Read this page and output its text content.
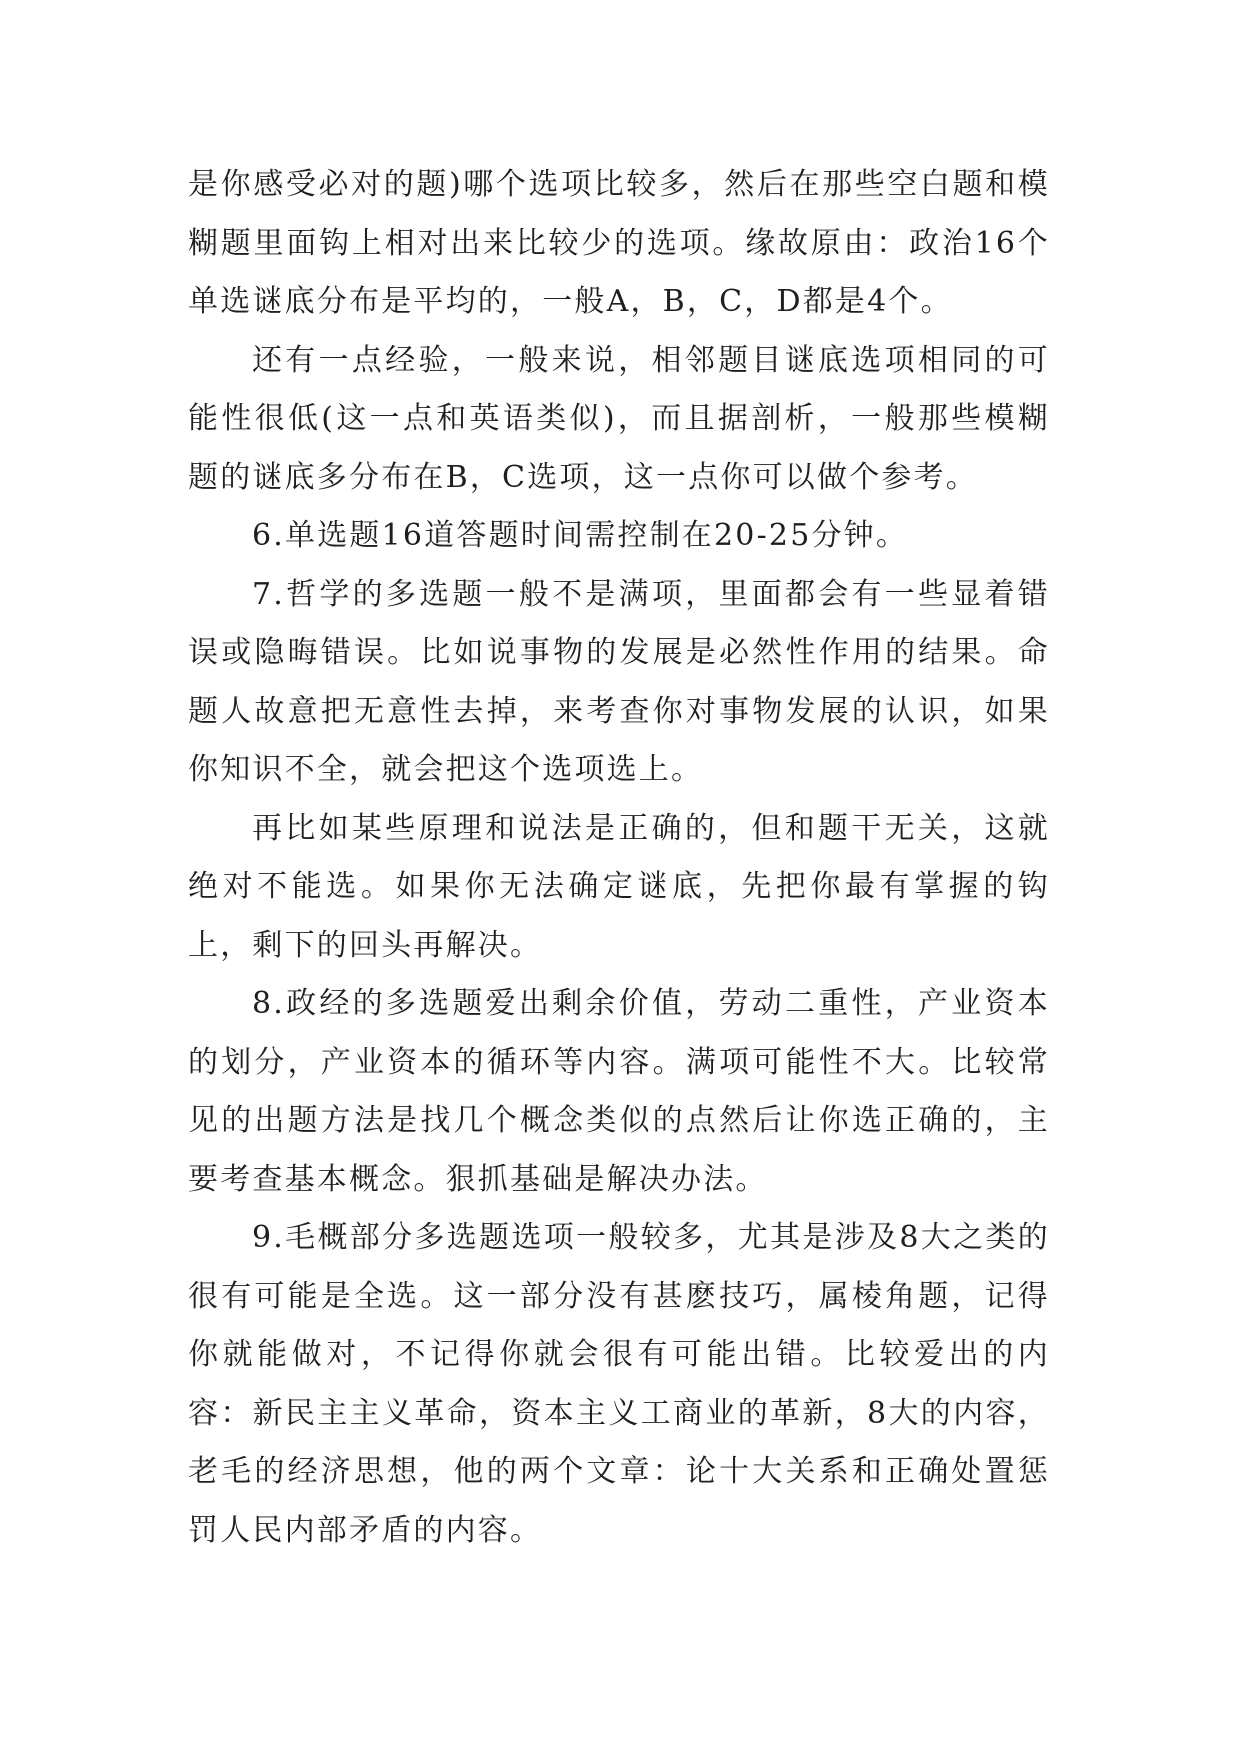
是你感受必对的题)哪个选项比较多，然后在那些空白题和模糊题里面钩上相对出来比较少的选项。缘故原由：政治16个单选谜底分布是平均的，一般A，B，C，D都是4个。

还有一点经验，一般来说，相邻题目谜底选项相同的可能性很低(这一点和英语类似)，而且据剖析，一般那些模糊题的谜底多分布在B，C选项，这一点你可以做个参考。

6.单选题16道答题时间需控制在20-25分钟。

7.哲学的多选题一般不是满项，里面都会有一些显着错误或隐晦错误。比如说事物的发展是必然性作用的结果。命题人故意把无意性去掉，来考查你对事物发展的认识，如果你知识不全，就会把这个选项选上。

再比如某些原理和说法是正确的，但和题干无关，这就绝对不能选。如果你无法确定谜底，先把你最有掌握的钩上，剩下的回头再解决。

8.政经的多选题爱出剩余价值，劳动二重性，产业资本的划分，产业资本的循环等内容。满项可能性不大。比较常见的出题方法是找几个概念类似的点然后让你选正确的，主要考查基本概念。狠抓基础是解决办法。

9.毛概部分多选题选项一般较多，尤其是涉及8大之类的很有可能是全选。这一部分没有甚麽技巧，属棱角题，记得你就能做对，不记得你就会很有可能出错。比较爱出的内容：新民主主义革命，资本主义工商业的革新，8大的内容，老毛的经济思想，他的两个文章：论十大关系和正确处置惩罚人民内部矛盾的内容。
